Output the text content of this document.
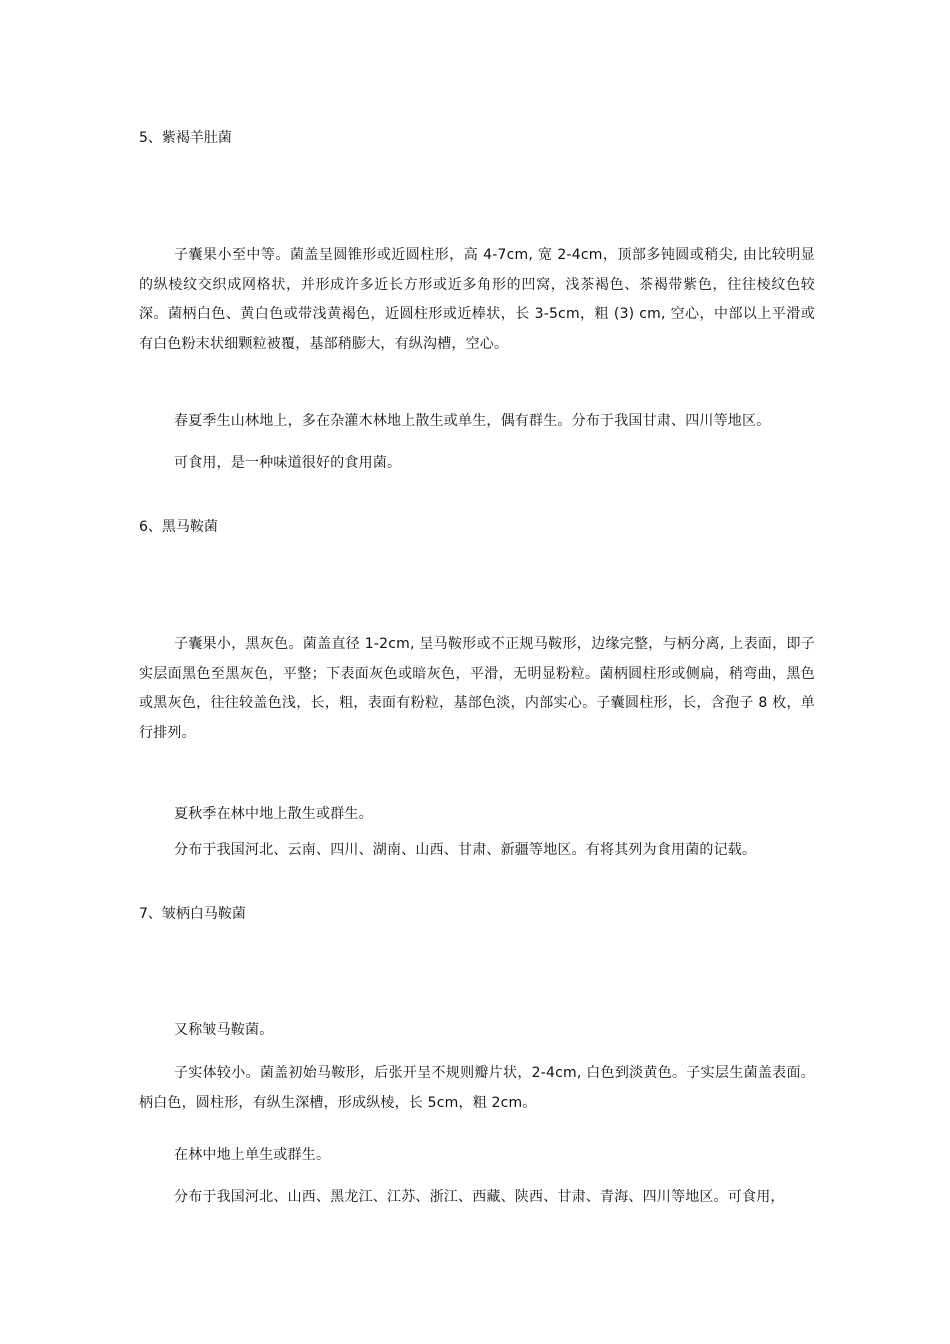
5、紫褐羊肚菌

子囊果小至中等。菌盖呈圆锥形或近圆柱形，高 4-7cm, 宽 2-4cm，顶部多钝圆或稍尖, 由比较明显的纵棱纹交织成网格状，并形成许多近长方形或近多角形的凹窝，浅茶褐色、茶褐带紫色，往往棱纹色较深。菌柄白色、黄白色或带浅黄褐色，近圆柱形或近棒状，长 3-5cm，粗 (3) cm, 空心，中部以上平滑或有白色粉末状细颗粒被覆，基部稍膨大，有纵沟槽，空心。

春夏季生山林地上，多在杂灌木林地上散生或单生，偶有群生。分布于我国甘肃、四川等地区。

可食用，是一种味道很好的食用菌。

6、黑马鞍菌

子囊果小，黑灰色。菌盖直径 1-2cm, 呈马鞍形或不正规马鞍形，边缘完整，与柄分离, 上表面，即子实层面黑色至黑灰色，平整；下表面灰色或暗灰色，平滑，无明显粉粒。菌柄圆柱形或侧扁，稍弯曲，黑色或黑灰色，往往较盖色浅，长，粗，表面有粉粒，基部色淡，内部实心。子囊圆柱形，长，含孢子 8 枚，单行排列。

夏秋季在林中地上散生或群生。

分布于我国河北、云南、四川、湖南、山西、甘肃、新疆等地区。有将其列为食用菌的记载。

7、皱柄白马鞍菌

又称皱马鞍菌。

子实体较小。菌盖初始马鞍形，后张开呈不规则瓣片状，2-4cm, 白色到淡黄色。子实层生菌盖表面。柄白色，圆柱形，有纵生深槽，形成纵棱，长 5cm，粗 2cm。

在林中地上单生或群生。

分布于我国河北、山西、黑龙江、江苏、浙江、西藏、陕西、甘肃、青海、四川等地区。可食用，
